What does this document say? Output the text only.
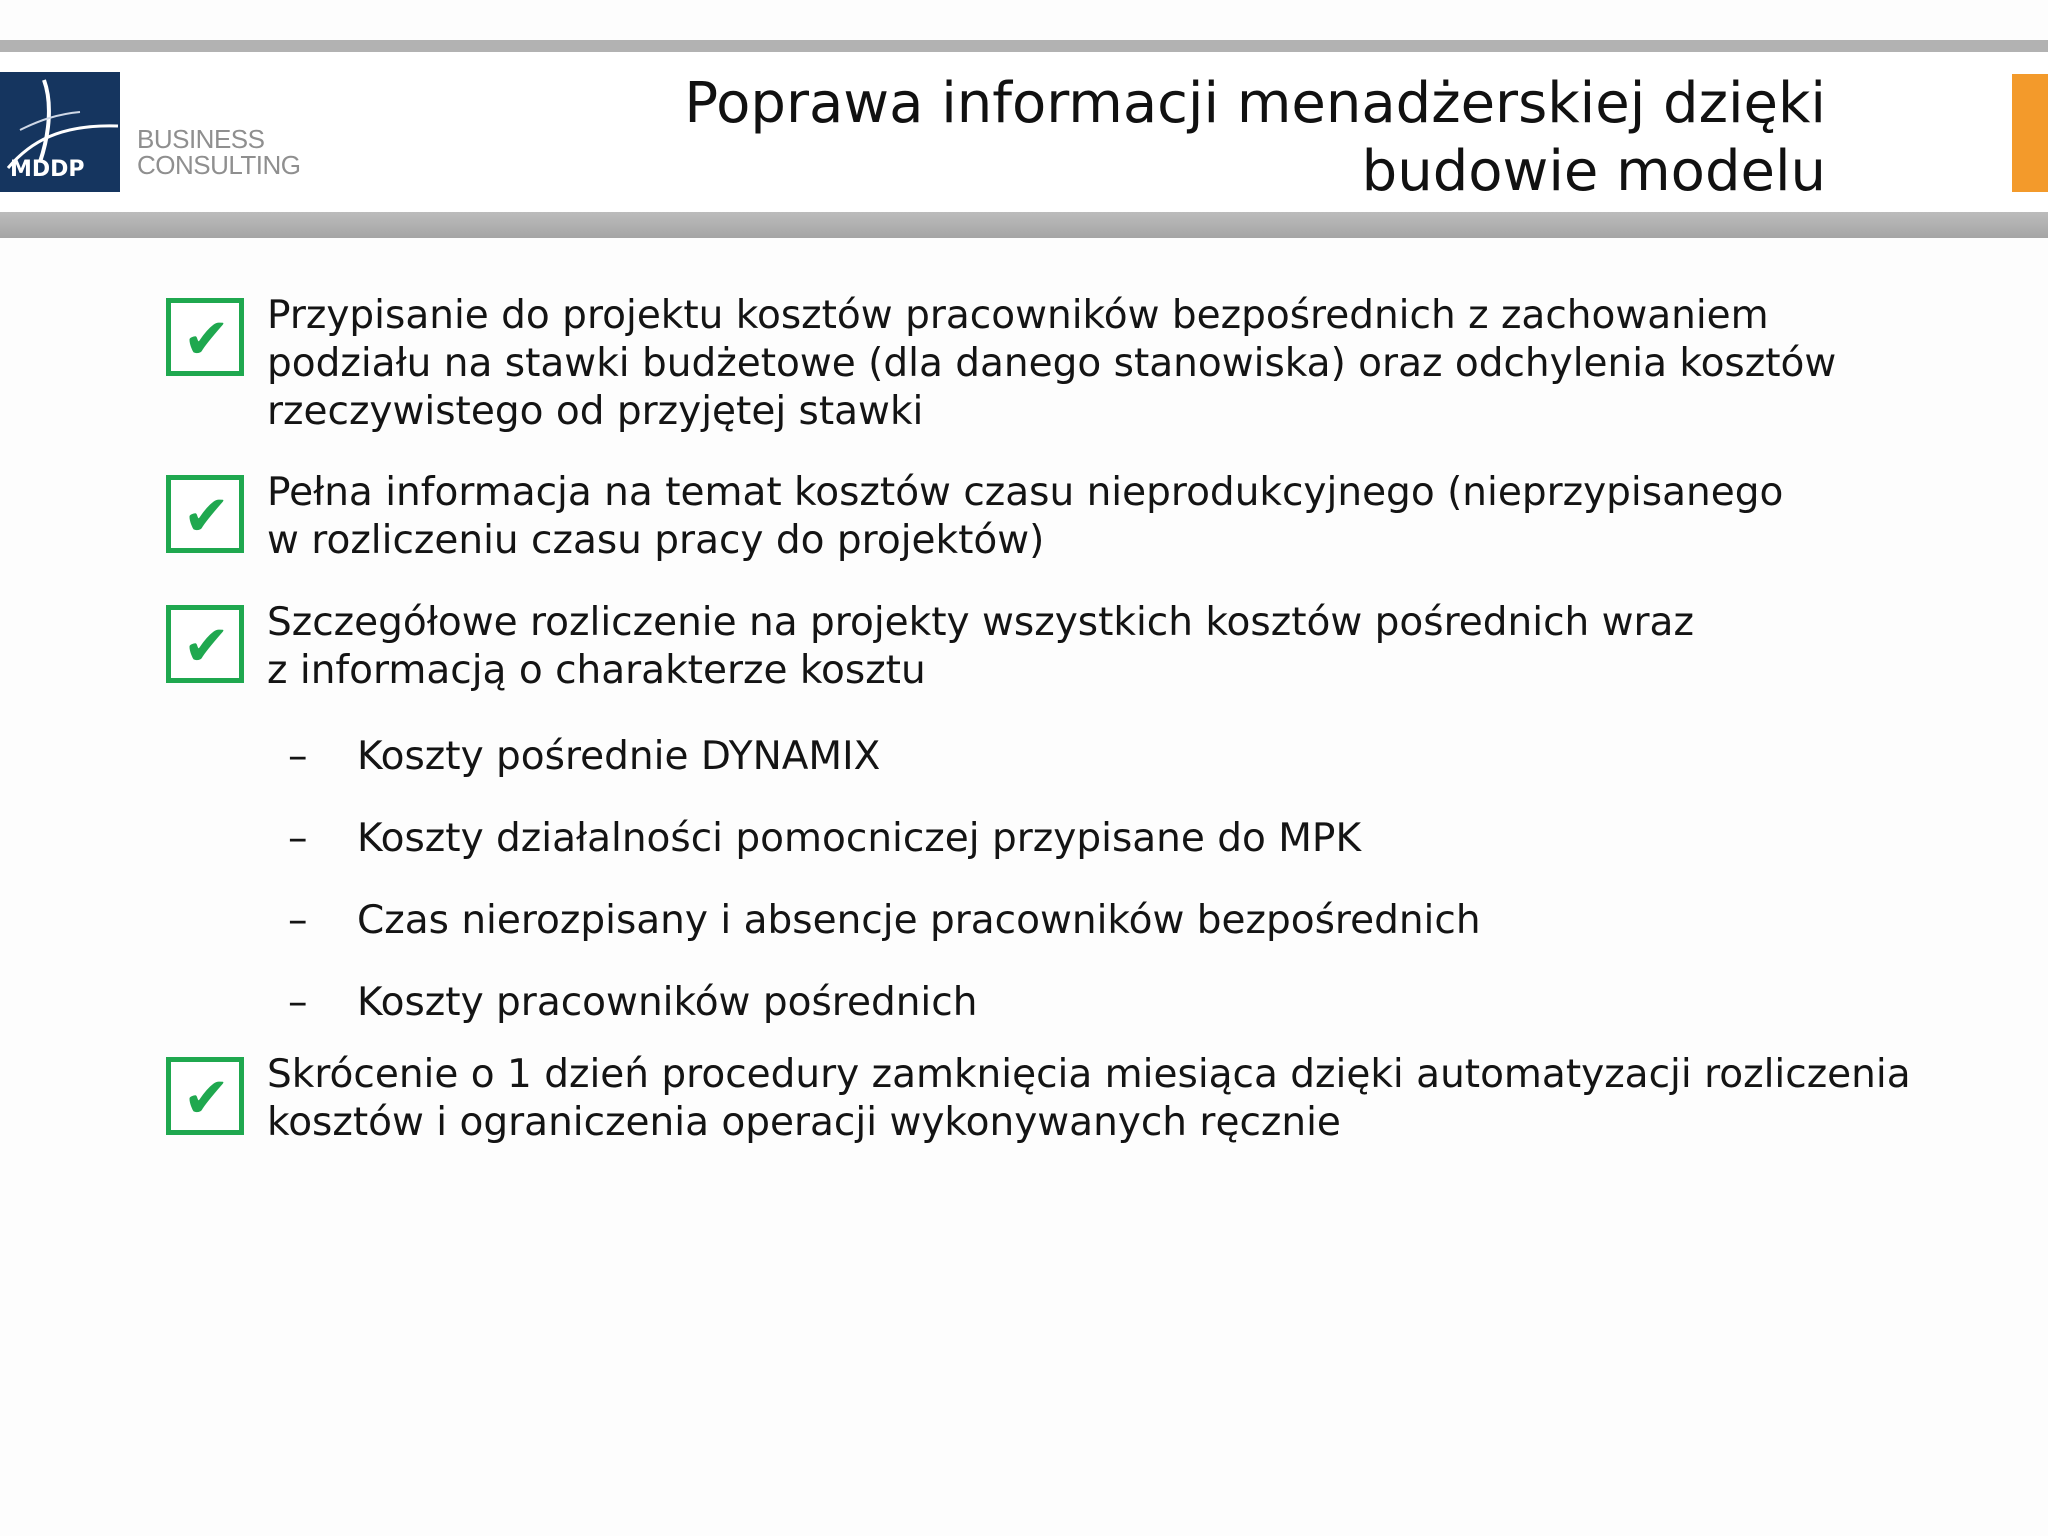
MDDP
BUSINESS
CONSULTING
Poprawa informacji menadżerskiej dzięki
budowie modelu
✔ Przypisanie do projektu kosztów pracowników bezpośrednich z zachowaniem
podziału na stawki budżetowe (dla danego stanowiska) oraz odchylenia kosztów
rzeczywistego od przyjętej stawki
✔ Pełna informacja na temat kosztów czasu nieprodukcyjnego (nieprzypisanego
w rozliczeniu czasu pracy do projektów)
✔ Szczegółowe rozliczenie na projekty wszystkich kosztów pośrednich wraz
z informacją o charakterze kosztu
– Koszty pośrednie DYNAMIX
– Koszty działalności pomocniczej przypisane do MPK
– Czas nierozpisany i absencje pracowników bezpośrednich
– Koszty pracowników pośrednich
✔ Skrócenie o 1 dzień procedury zamknięcia miesiąca dzięki automatyzacji rozliczenia
kosztów i ograniczenia operacji wykonywanych ręcznie
